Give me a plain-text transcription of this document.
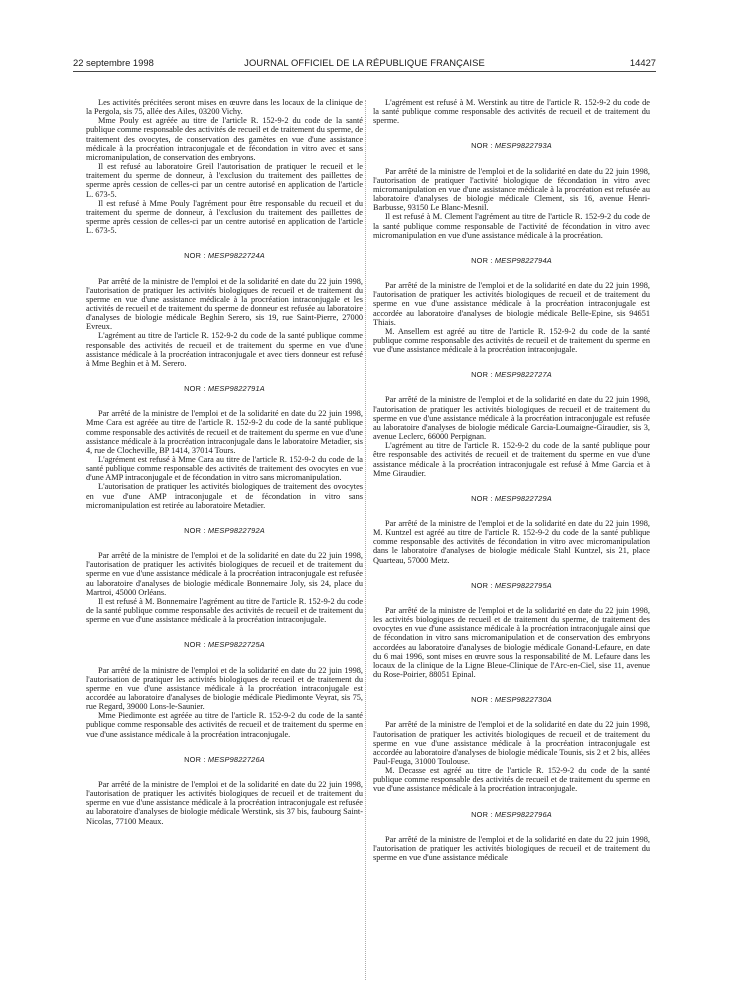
22 septembre 1998	JOURNAL OFFICIEL DE LA RÉPUBLIQUE FRANÇAISE	14427

Les activités précitées seront mises en œuvre dans les locaux de la clinique de la Pergola, sis 75, allée des Ailes, 03200 Vichy.

Mme Pouly est agréée au titre de l'article R. 152-9-2 du code de la santé publique comme responsable des activités de recueil et de traitement du sperme, de traitement des ovocytes, de conservation des gamètes en vue d'une assistance médicale à la procréation intraconjugale et de fécondation in vitro avec et sans micromanipulation, de conservation des embryons.

Il est refusé au laboratoire Greil l'autorisation de pratiquer le recueil et le traitement du sperme de donneur, à l'exclusion du traitement des paillettes de sperme après cession de celles-ci par un centre autorisé en application de l'article L. 673-5.

Il est refusé à Mme Pouly l'agrément pour être responsable du recueil et du traitement du sperme de donneur, à l'exclusion du traitement des paillettes de sperme après cession de celles-ci par un centre autorisé en application de l'article L. 673-5.

NOR : MESP9822724A

Par arrêté de la ministre de l'emploi et de la solidarité en date du 22 juin 1998, l'autorisation de pratiquer les activités biologiques de recueil et de traitement du sperme en vue d'une assistance médicale à la procréation intraconjugale et les activités de recueil et de traitement du sperme de donneur est refusée au laboratoire d'analyses de biologie médicale Beghin Serero, sis 19, rue Saint-Pierre, 27000 Evreux.

L'agrément au titre de l'article R. 152-9-2 du code de la santé publique comme responsable des activités de recueil et de traitement du sperme en vue d'une assistance médicale à la procréation intraconjugale et avec tiers donneur est refusé à Mme Beghin et à M. Serero.

NOR : MESP9822791A

Par arrêté de la ministre de l'emploi et de la solidarité en date du 22 juin 1998, Mme Cara est agréée au titre de l'article R. 152-9-2 du code de la santé publique comme responsable des activités de recueil et de traitement du sperme en vue d'une assistance médicale à la procréation intraconjugale dans le laboratoire Metadier, sis 4, rue de Clocheville, BP 1414, 37014 Tours.

L'agrément est refusé à Mme Cara au titre de l'article R. 152-9-2 du code de la santé publique comme responsable des activités de traitement des ovocytes en vue d'une AMP intraconjugale et de fécondation in vitro sans micromanipulation.

L'autorisation de pratiquer les activités biologiques de traitement des ovocytes en vue d'une AMP intraconjugale et de fécondation in vitro sans micromanipulation est retirée au laboratoire Metadier.

NOR : MESP9822792A

Par arrêté de la ministre de l'emploi et de la solidarité en date du 22 juin 1998, l'autorisation de pratiquer les activités biologiques de recueil et de traitement du sperme en vue d'une assistance médicale à la procréation intraconjugale est refusée au laboratoire d'analyses de biologie médicale Bonnemaire Joly, sis 24, place du Martroi, 45000 Orléans.

Il est refusé à M. Bonnemaire l'agrément au titre de l'article R. 152-9-2 du code de la santé publique comme responsable des activités de recueil et de traitement du sperme en vue d'une assistance médicale à la procréation intraconjugale.

NOR : MESP9822725A

Par arrêté de la ministre de l'emploi et de la solidarité en date du 22 juin 1998, l'autorisation de pratiquer les activités biologiques de recueil et de traitement du sperme en vue d'une assistance médicale à la procréation intraconjugale est accordée au laboratoire d'analyses de biologie médicale Piedimonte Veyrat, sis 75, rue Regard, 39000 Lons-le-Saunier.

Mme Piedimonte est agréée au titre de l'article R. 152-9-2 du code de la santé publique comme responsable des activités de recueil et de traitement du sperme en vue d'une assistance médicale à la procréation intraconjugale.

NOR : MESP9822726A

Par arrêté de la ministre de l'emploi et de la solidarité en date du 22 juin 1998, l'autorisation de pratiquer les activités biologiques de recueil et de traitement du sperme en vue d'une assistance médicale à la procréation intraconjugale est refusée au laboratoire d'analyses de biologie médicale Werstink, sis 37 bis, faubourg Saint-Nicolas, 77100 Meaux.

L'agrément est refusé à M. Werstink au titre de l'article R. 152-9-2 du code de la santé publique comme responsable des activités de recueil et de traitement du sperme.

NOR : MESP9822793A

Par arrêté de la ministre de l'emploi et de la solidarité en date du 22 juin 1998, l'autorisation de pratiquer l'activité biologique de fécondation in vitro avec micromanipulation en vue d'une assistance médicale à la procréation est refusée au laboratoire d'analyses de biologie médicale Clement, sis 16, avenue Henri-Barbusse, 93150 Le Blanc-Mesnil.

Il est refusé à M. Clement l'agrément au titre de l'article R. 152-9-2 du code de la santé publique comme responsable de l'activité de fécondation in vitro avec micromanipulation en vue d'une assistance médicale à la procréation.

NOR : MESP9822794A

Par arrêté de la ministre de l'emploi et de la solidarité en date du 22 juin 1998, l'autorisation de pratiquer les activités biologiques de recueil et de traitement du sperme en vue d'une assistance médicale à la procréation intraconjugale est accordée au laboratoire d'analyses de biologie médicale Belle-Epine, sis 94651 Thiais.

M. Ansellem est agréé au titre de l'article R. 152-9-2 du code de la santé publique comme responsable des activités de recueil et de traitement du sperme en vue d'une assistance médicale à la procréation intraconjugale.

NOR : MESP9822727A

Par arrêté de la ministre de l'emploi et de la solidarité en date du 22 juin 1998, l'autorisation de pratiquer les activités biologiques de recueil et de traitement du sperme en vue d'une assistance médicale à la procréation intraconjugale est refusée au laboratoire d'analyses de biologie médicale Garcia-Loumaigne-Giraudier, sis 3, avenue Leclerc, 66000 Perpignan.

L'agrément au titre de l'article R. 152-9-2 du code de la santé publique pour être responsable des activités de recueil et de traitement du sperme en vue d'une assistance médicale à la procréation intraconjugale est refusé à Mme Garcia et à Mme Giraudier.

NOR : MESP9822729A

Par arrêté de la ministre de l'emploi et de la solidarité en date du 22 juin 1998, M. Kuntzel est agréé au titre de l'article R. 152-9-2 du code de la santé publique comme responsable des activités de fécondation in vitro avec micromanipulation dans le laboratoire d'analyses de biologie médicale Stahl Kuntzel, sis 21, place Quarteau, 57000 Metz.

NOR : MESP9822795A

Par arrêté de la ministre de l'emploi et de la solidarité en date du 22 juin 1998, les activités biologiques de recueil et de traitement du sperme, de traitement des ovocytes en vue d'une assistance médicale à la procréation intraconjugale ainsi que de fécondation in vitro sans micromanipulation et de conservation des embryons accordées au laboratoire d'analyses de biologie médicale Gonand-Lefaure, en date du 6 mai 1996, sont mises en œuvre sous la responsabilité de M. Lefaure dans les locaux de la clinique de la Ligne Bleue-Clinique de l'Arc-en-Ciel, sise 11, avenue du Rose-Poirier, 88051 Epinal.

NOR : MESP9822730A

Par arrêté de la ministre de l'emploi et de la solidarité en date du 22 juin 1998, l'autorisation de pratiquer les activités biologiques de recueil et de traitement du sperme en vue d'une assistance médicale à la procréation intraconjugale est accordée au laboratoire d'analyses de biologie médicale Tounis, sis 2 et 2 bis, allées Paul-Feuga, 31000 Toulouse.

M. Decasse est agréé au titre de l'article R. 152-9-2 du code de la santé publique comme responsable des activités de recueil et de traitement du sperme en vue d'une assistance médicale à la procréation intraconjugale.

NOR : MESP9822796A

Par arrêté de la ministre de l'emploi et de la solidarité en date du 22 juin 1998, l'autorisation de pratiquer les activités biologiques de recueil et de traitement du sperme en vue d'une assistance médicale
